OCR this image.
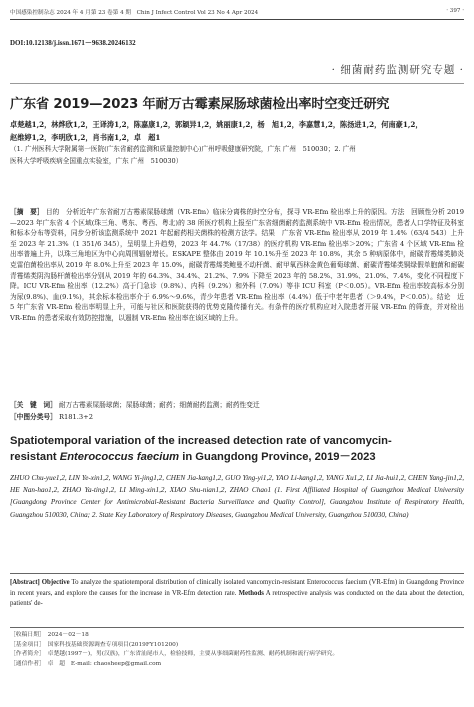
中国感染控制杂志 2024 年 4 月第 23 卷第 4 期　Chin J Infect Control Vol 23 No 4 Apr 2024	· 397 ·
DOI:10.12138/j.issn.1671－9638.20246132
· 细菌耐药监测研究专题 ·
广东省 2019—2023 年耐万古霉素屎肠球菌检出率时空变迁研究
卓楚越1,2，林烨欣1,2，王译涛1,2，陈嘉康1,2，郭颖异1,2，姚丽康1,2，杨　旭1,2，李嘉慧1,2，陈扬进1,2，何南豪1,2，
赵维婷1,2，李明欣1,2，肖书南1,2，卓　超1
（1. 广州医科大学附属第一医院(广东省耐药监测和质量控制中心)广州呼吸健康研究院，广东 广州　510030；2. 广州
医科大学呼吸疾病全国重点实验室，广东 广州　510030）
［摘　要］ 目的　分析近年广东省耐万古霉素屎肠球菌（VR-Efm）临床分离株的时空分布，探寻 VR-Efm 检出率上升的原因。方法　回顾性分析 2019—2023 年广东省 4 个区域(珠三角、粤东、粤西、粤北)的 38 所医疗机构上报至广东省细菌耐药监测系统中 VR-Efm 检出情况，患者人口学特征及科室和标本分布等资料，同步分析该监测系统中 2021 年起耐药相关菌株的检测方法学。结果　广东省 VR-Efm 检出率从 2019 年 1.4%（63/4 543）上升至 2023 年 21.3%（1 351/6 345），呈明显上升趋势，2023 年 44.7%（17/38）的医疗机构 VR-Efm 检出率＞20%；广东省 4 个区域 VR-Efm 检出率普遍上升，以珠三角地区为中心向周围辐射增长。ESKAPE 整体由 2019 年 10.1%升至 2023 年 10.8%，其余 5 种病原体中，耐碳青霉烯类肺炎克雷伯菌检出率从 2019 年 8.0%上升至 2023 年 15.0%，耐碳青霉烯类鲍曼不动杆菌、耐甲氧西林金黄色葡萄球菌、耐碳青霉烯类铜绿假单胞菌和耐碳青霉烯类阴沟肠杆菌检出率分别从 2019 年的 64.3%、34.4%、21.2%、7.9% 下降至 2023 年的 58.2%、31.9%、21.0%、7.4%，变化不同程度下降。ICU VR-Efm 检出率（12.2%）高于门急诊（9.8%）、内科（9.2%）和外科（7.0%）等非 ICU 科室（P＜0.05）。VR-Efm 检出率较高标本分别为尿(9.8%)、血(9.1%)，其余标本检出率介于 6.9%～9.6%，青少年患者 VR-Efm 检出率（4.4%）低于中老年患者（＞9.4%，P＜0.05）。结论　近 5 年广东省 VR-Efm 检出率明显上升，可能与社区和医院获得的优势克隆传播有关。有条件的医疗机构应对入院患者开展 VR-Efm 的筛查，并对检出 VR-Efm 的患者采取有效防控措施，以遏制 VR-Efm 检出率在该区域的上升。
［关　键　词］ 耐万古霉素屎肠球菌；屎肠球菌；耐药；细菌耐药监测；耐药性变迁
［中图分类号］ R181.3+2
Spatiotemporal variation of the increased detection rate of vancomycin-
resistant Enterococcus faecium in Guangdong Province, 2019－2023
ZHUO Chu-yue1,2, LIN Ye-xin1,2, WANG Yi-jing1,2, CHEN Jia-kang1,2, GUO Ying-yi1,2, YAO Li-kang1,2, YANG Xu1,2, LI Jia-hui1,2, CHEN Yang-jin1,2, HE Nan-hao1,2, ZHAO Ya-ting1,2, LI Ming-xin1,2, XIAO Shu-nian1,2, ZHAO Chao1 (1. First Affiliated Hospital of Guangzhou Medical University [Guangdong Province Center for Antimicrobial-Resistant Bacteria Surveillance and Quality Control], Guangzhou Institute of Respiratory Health, Guangzhou 510030, China; 2. State Key Laboratory of Respiratory Diseases, Guangzhou Medical University, Guangzhou 510030, China)
[Abstract] Objective To analyze the spatiotemporal distribution of clinically isolated vancomycin-resistant Enterococcus faecium (VR-Efm) in Guangdong Province in recent years, and explore the causes for the increase in VR-Efm detection rate. Methods A retrospective analysis was conducted on the data about the detection, patients' de-
［收稿日期］　2024－02－18
［基金项目］　国家科技基础资源调查专项项目(2019FY101200)
［作者简介］　卓楚越(1997－)，男(汉族)，广东省汕尾市人，检验技师，主要从事细菌耐药性监测、耐药机制和流行病学研究。
［通信作者］　卓　超　E-mail: chaosheep@gmail.com
